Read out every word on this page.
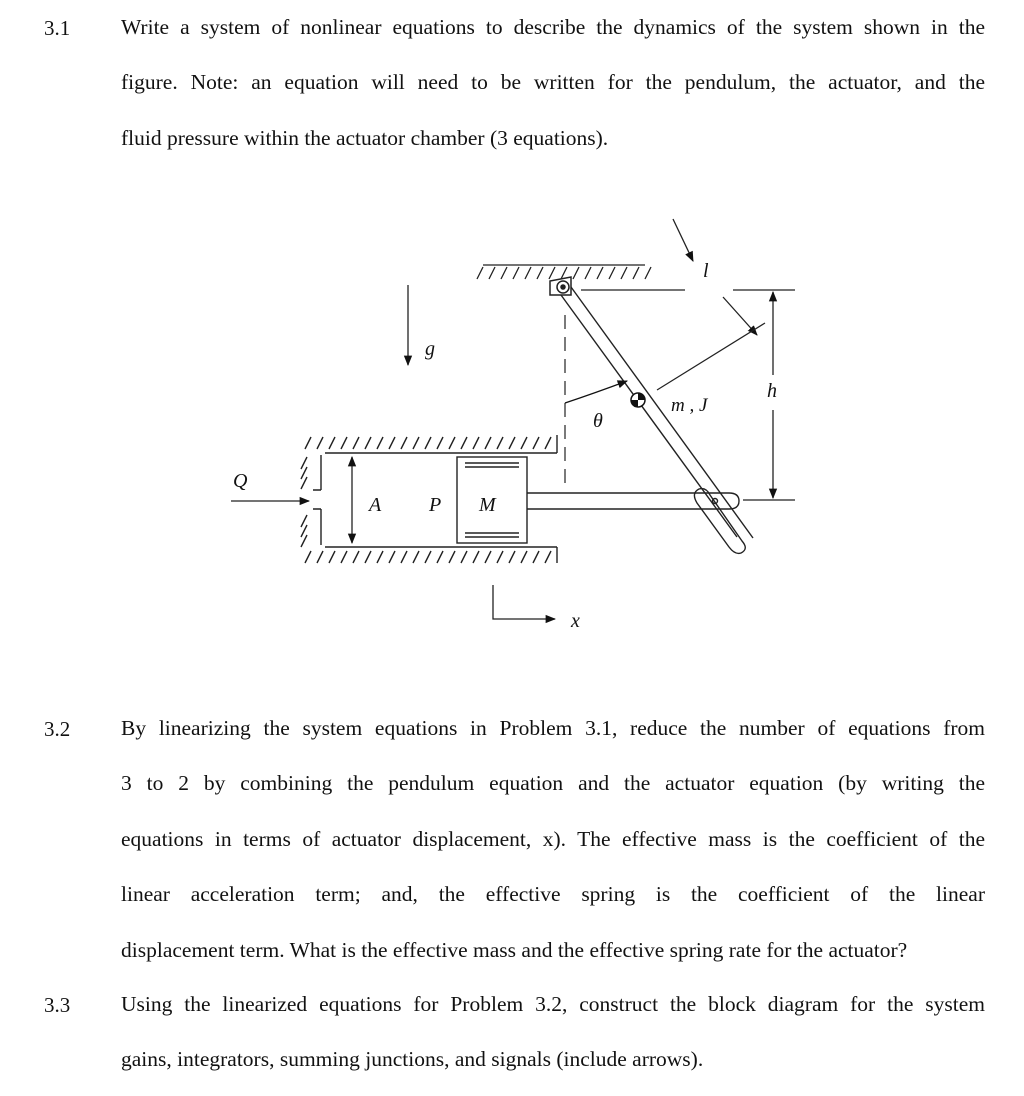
3.1 Write a system of nonlinear equations to describe the dynamics of the system shown in the
figure. Note: an equation will need to be written for the pendulum, the actuator, and the
fluid pressure within the actuator chamber (3 equations).
g
Q
A P M
θ
m , J
l
h
x
3.2 By linearizing the system equations in Problem 3.1, reduce the number of equations from
3 to 2 by combining the pendulum equation and the actuator equation (by writing the
equations in terms of actuator displacement, x). The effective mass is the coefficient of the
linear acceleration term; and, the effective spring is the coefficient of the linear
displacement term. What is the effective mass and the effective spring rate for the actuator?
3.3 Using the linearized equations for Problem 3.2, construct the block diagram for the system
gains, integrators, summing junctions, and signals (include arrows).
